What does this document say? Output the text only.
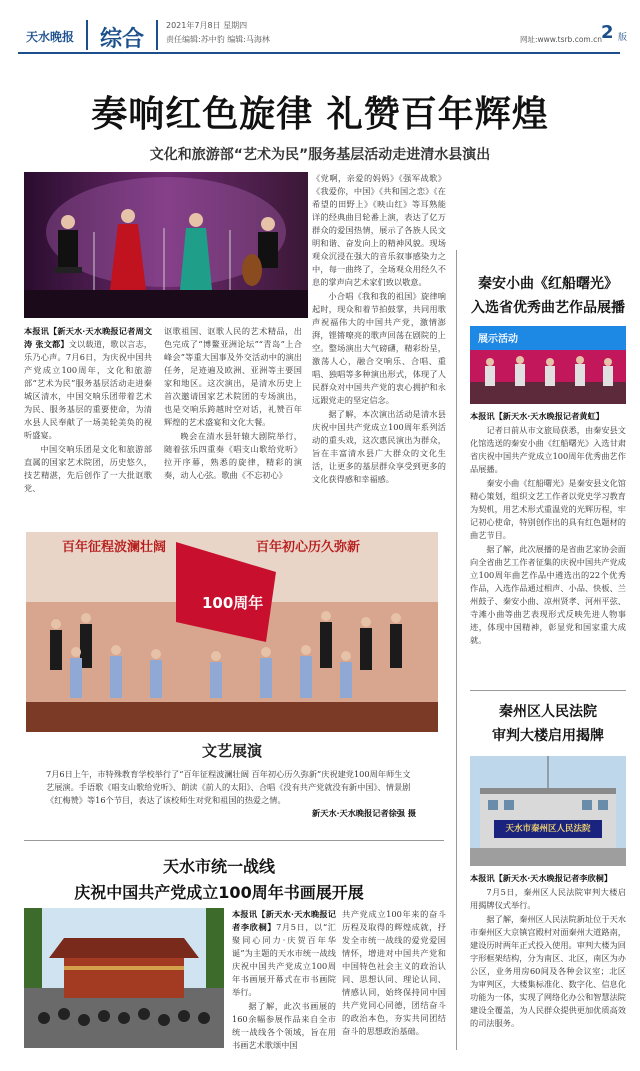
天水晚报 综合
2021年7月8日 星期四
责任编辑:苏中豹 编辑:马海林	网址:www.tsrb.com.cn 2 版
奏响红色旋律 礼赞百年辉煌
文化和旅游部“艺术为民”服务基层活动走进清水县演出

本报讯【新天水·天水晚报记者周文涛 张文都】文以载道，歌以言志，乐乃心声。7月6日，为庆祝中国共产党成立100周年，文化和旅游部“艺术为民”服务基层活动走进秦城区清水，中国交响乐团带着艺术为民、服务基层的重要使命，为清水县人民奉献了一场美轮美奂的视听盛宴。

中国交响乐团是文化和旅游部直属的国家艺术院团，历史悠久，技艺精湛，先后创作了一大批讴歌党、

讴歌祖国、讴歌人民的艺术精品，出色完成了“博鳌亚洲论坛”“青岛”上合峰会”等重大国事及外交活动中的演出任务，足迹遍及欧洲、亚洲等主要国家和地区。这次演出，是清水历史上首次邀请国家艺术院团的专场演出，也是交响乐跨越时空对话，礼赞百年辉煌的艺术盛宴和文化大餐。

晚会在清水县轩辕大剧院举行，随着弦乐四重奏《唱支山歌给党听》拉开序幕，熟悉的旋律，精彩的演奏，动人心弦。歌曲《不忘初心》

《党啊，亲爱的妈妈》《强军战歌》《我爱你，中国》《共和国之恋》《在希望的田野上》《映山红》等耳熟能详的经典曲目轮番上演，表达了亿万群众的爱国热情，展示了各族人民文明和谐、奋发向上的精神风貌。现场观众沉浸在强大的音乐叙事感染力之中，每一曲终了，全场观众用经久不息的掌声向艺术家们致以敬意。

小合唱《我和我的祖国》旋律响起时，现众和着节拍鼓掌，共同用歌声祝福伟大的中国共产党，激情澎湃，铿锵嘹亮的歌声回荡在剧院的上空。整场演出大气磅礴，精彩纷呈，激荡人心，融合交响乐、合唱、重唱、独唱等多种演出形式，体现了人民群众对中国共产党的衷心拥护和永远跟党走的坚定信念。

据了解，本次演出活动是清水县庆祝中国共产党成立100周年系列活动的重头戏，这次惠民演出为群众，旨在丰富清水县广大群众的文化生活，让更多的基层群众享受到更多的文化获得感和幸福感。

百年征程波澜壮阔	百年初心历久弥新
100周年
文艺展演

7月6日上午，市特殊教育学校举行了“百年征程波澜壮阔 百年初心历久弥新”庆祝建党100周年师生文艺展演。手语歌《唱支山歌给党听》、朗读《前人的太阳》、合唱《没有共产党就没有新中国》、情景剧《红梅赞》等16个节目，表达了该校师生对党和祖国的热爱之情。

新天水·天水晚报记者徐强 摄

天水市统一战线
庆祝中国共产党成立100周年书画展开展

本报讯【新天水·天水晚报记者李欣桐】7月5日，以“汇聚同心同力·庆贺百年华诞”为主题的天水市统一战线庆祝中国共产党成立100周年书画展开幕式在市书画院举行。

据了解，此次书画展的160余幅参展作品来自全市统一战线各个领域，旨在用书画艺术歌颂中国

共产党成立100年来的奋斗历程及取得的辉煌成就，抒发全市统一战线的爱党爱国情怀，增进对中国共产党和中国特色社会主义的政治认同、思想认同、理论认同、情感认同，始终保持同中国共产党同心同德，团结奋斗的政治本色，夯实共同团结奋斗的思想政治基础。

秦安小曲《红船曙光》
入选省优秀曲艺作品展播
展示活动

本报讯【新天水·天水晚报记者黄虹】

记者日前从市文旅局获悉，由秦安县文化馆选送的秦安小曲《红船曙光》入选甘肃省庆祝中国共产党成立100周年优秀曲艺作品展播。

秦安小曲《红船曙光》是秦安县文化馆精心策划，组织文艺工作者以党史学习教育为契机，用艺术形式重温党的光辉历程，牢记初心使命，特别创作出的具有红色题材的曲艺节目。

据了解，此次展播的是省曲艺家协会面向全省曲艺工作者征集的庆祝中国共产党成立100周年曲艺作品中遴选出的22个优秀作品，入选作品通过相声、小品、快板、兰州鼓子、秦安小曲、凉州贤孝、河州平弦、寺滩小曲等曲艺表现形式反映先进人物事迹，体现中国精神，彰显党和国家重大成就。

秦州区人民法院
审判大楼启用揭牌
天水市秦州区人民法院

本报讯【新天水·天水晚报记者李欣桐】

7月5日，秦州区人民法院审判大楼启用揭牌仪式举行。

据了解，秦州区人民法院新址位于天水市秦州区大京镇宫殿村对面秦州大道路南，建设历时两年正式投入使用。审判大楼为回字形框架结构，分为南区、北区，南区为办公区，业务用房60间及各种会议室；北区为审判区，大楼集标准化、数字化、信息化功能为一体，实现了网络化办公和智慧法院建设全覆盖，为人民群众提供更加优质高效的司法服务。
